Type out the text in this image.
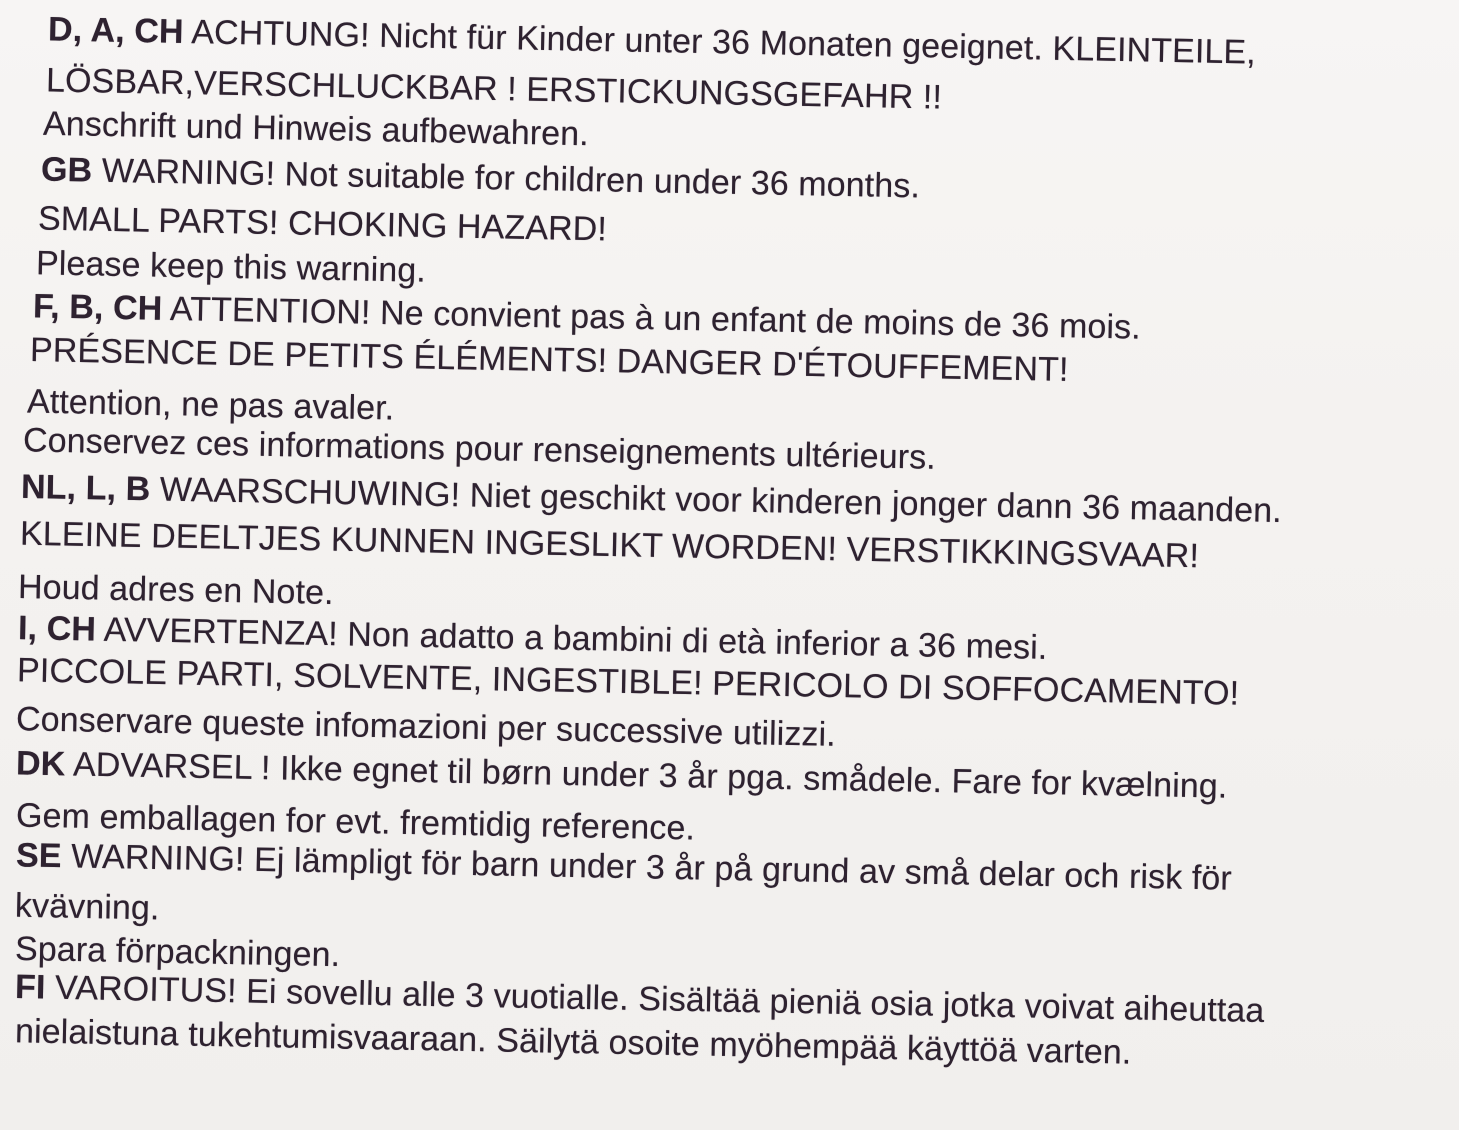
D, A, CH ACHTUNG! Nicht für Kinder unter 36 Monaten geeignet. KLEINTEILE,

LÖSBAR,VERSCHLUCKBAR ! ERSTICKUNGSGEFAHR !!

Anschrift und Hinweis aufbewahren.

GB WARNING! Not suitable for children under 36 months.

SMALL PARTS! CHOKING HAZARD!

Please keep this warning.

F, B, CH ATTENTION! Ne convient pas à un enfant de moins de 36 mois.

PRÉSENCE DE PETITS ÉLÉMENTS! DANGER D'ÉTOUFFEMENT!

Attention, ne pas avaler.

Conservez ces informations pour renseignements ultérieurs.

NL, L, B WAARSCHUWING! Niet geschikt voor kinderen jonger dann 36 maanden.

KLEINE DEELTJES KUNNEN INGESLIKT WORDEN! VERSTIKKINGSVAAR!

Houd adres en Note.

I, CH AVVERTENZA! Non adatto a bambini di età inferior a 36 mesi.

PICCOLE PARTI, SOLVENTE, INGESTIBLE! PERICOLO DI SOFFOCAMENTO!

Conservare queste infomazioni per successive utilizzi.

DK ADVARSEL ! Ikke egnet til børn under 3 år pga. smådele. Fare for kvælning.

Gem emballagen for evt. fremtidig reference.

SE WARNING! Ej lämpligt för barn under 3 år på grund av små delar och risk för

kvävning.

Spara förpackningen.

FI VAROITUS! Ei sovellu alle 3 vuotialle. Sisältää pieniä osia jotka voivat aiheuttaa

nielaistuna tukehtumisvaaraan. Säilytä osoite myöhempää käyttöä varten.
